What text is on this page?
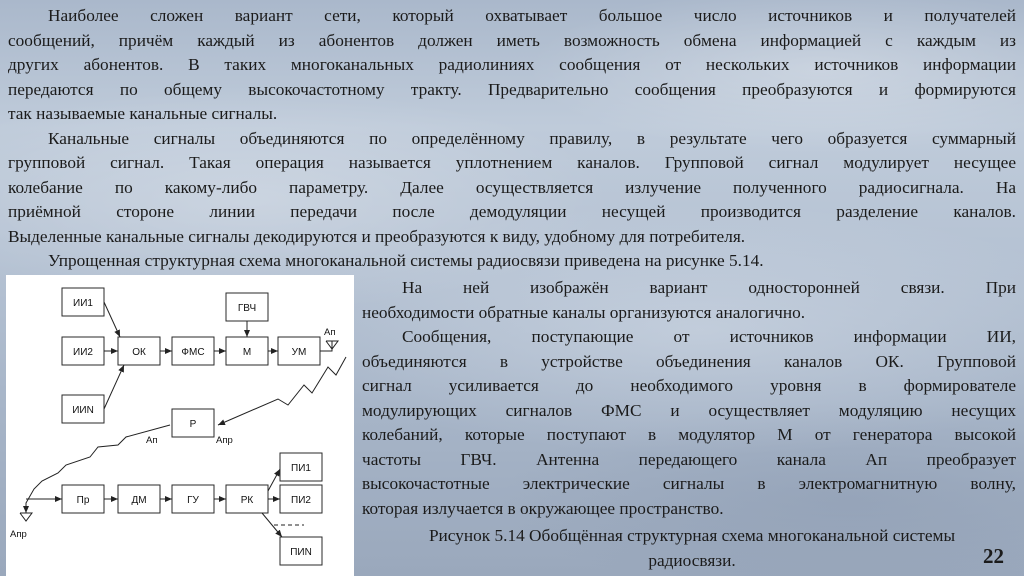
Наиболее сложен вариант сети, который охватывает большое число источников и получателей
сообщений, причём каждый из абонентов должен иметь возможность обмена информацией с каждым из
других абонентов. В таких многоканальных радиолиниях сообщения от нескольких источников информации
передаются по общему высокочастотному тракту. Предварительно сообщения преобразуются и формируются
так называемые канальные сигналы.
Канальные сигналы объединяются по определённому правилу, в результате чего образуется суммарный
групповой сигнал. Такая операция называется уплотнением каналов. Групповой сигнал модулирует несущее
колебание по какому-либо параметру. Далее осуществляется излучение полученного радиосигнала. На
приёмной стороне линии передачи после демодуляции несущей производится разделение каналов.
Выделенные канальные сигналы декодируются и преобразуются к виду, удобному для потребителя.
Упрощенная структурная схема многоканальной системы радиосвязи приведена на рисунке 5.14.
ИИ1
ИИ2
ИИN
ОК	ФМС	М
ГВЧ
УМ
Р
Пр	ДМ	ГУ	РК
ПИ1
ПИ2
ПИN
Ап
Ап	Апр
Апр
На ней изображён вариант односторонней связи. При
необходимости обратные каналы организуются аналогично.
Сообщения, поступающие от источников информации ИИ,
объединяются в устройстве объединения каналов ОК. Групповой
сигнал усиливается до необходимого уровня в формирователе
модулирующих сигналов ФМС и осуществляет модуляцию несущих
колебаний, которые поступают в модулятор М от генератора высокой
частоты ГВЧ. Антенна передающего канала Aп преобразует
высокочастотные электрические сигналы в электромагнитную волну,
которая излучается в окружающее пространство.
Рисунок 5.14 Обобщённая структурная схема многоканальной системы
радиосвязи.	22
